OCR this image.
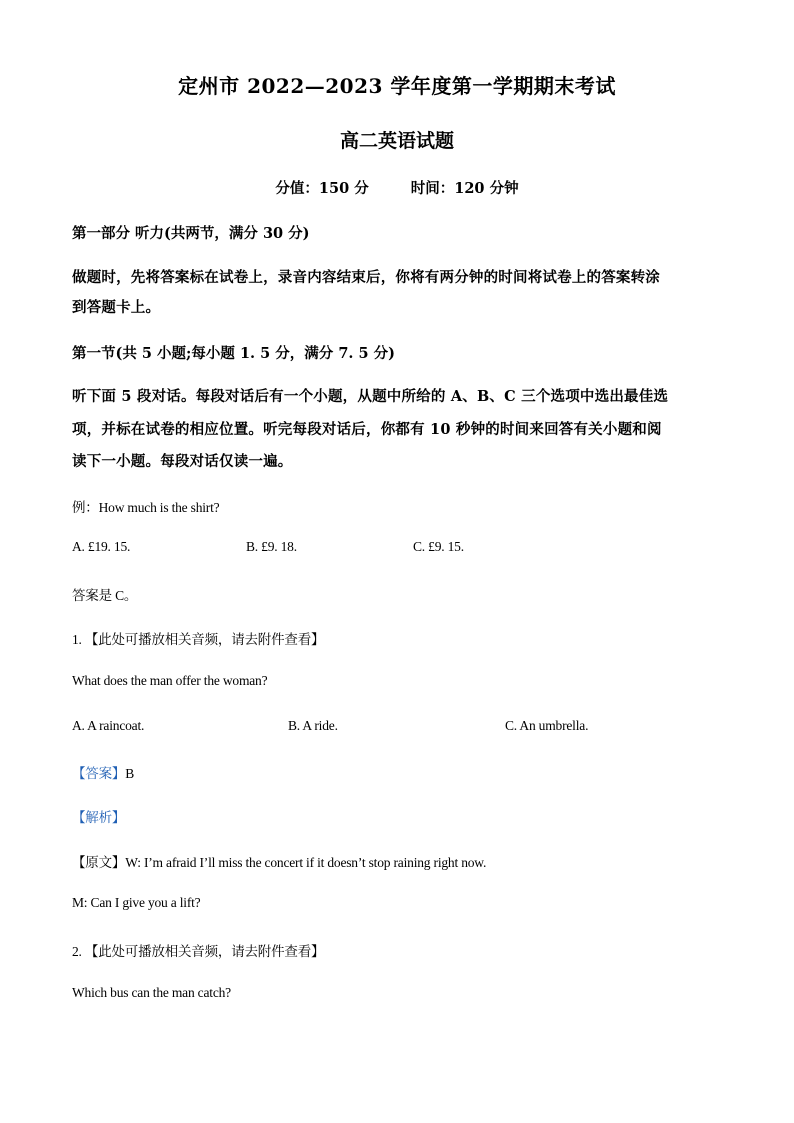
定州市 2022—2023 学年度第一学期期末考试
高二英语试题
分值：150 分	时间：120 分钟
第一部分 听力(共两节，满分 30 分)
做题时，先将答案标在试卷上，录音内容结束后，你将有两分钟的时间将试卷上的答案转涂
到答题卡上。
第一节(共 5 小题;每小题 1. 5 分，满分 7. 5 分)
听下面 5 段对话。每段对话后有一个小题，从题中所给的 A、B、C 三个选项中选出最佳选
项，并标在试卷的相应位置。听完每段对话后，你都有 10 秒钟的时间来回答有关小题和阅
读下一小题。每段对话仅读一遍。
例：How much is the shirt?
A. £19. 15.	B. £9. 18.	C. £9. 15.
答案是 C。
1. 【此处可播放相关音频，请去附件查看】
What does the man offer the woman?
A. A raincoat.	B. A ride.	C. An umbrella.
【答案】B
【解析】
【原文】W: I’m afraid I’ll miss the concert if it doesn’t stop raining right now.
M: Can I give you a lift?
2. 【此处可播放相关音频，请去附件查看】
Which bus can the man catch?
